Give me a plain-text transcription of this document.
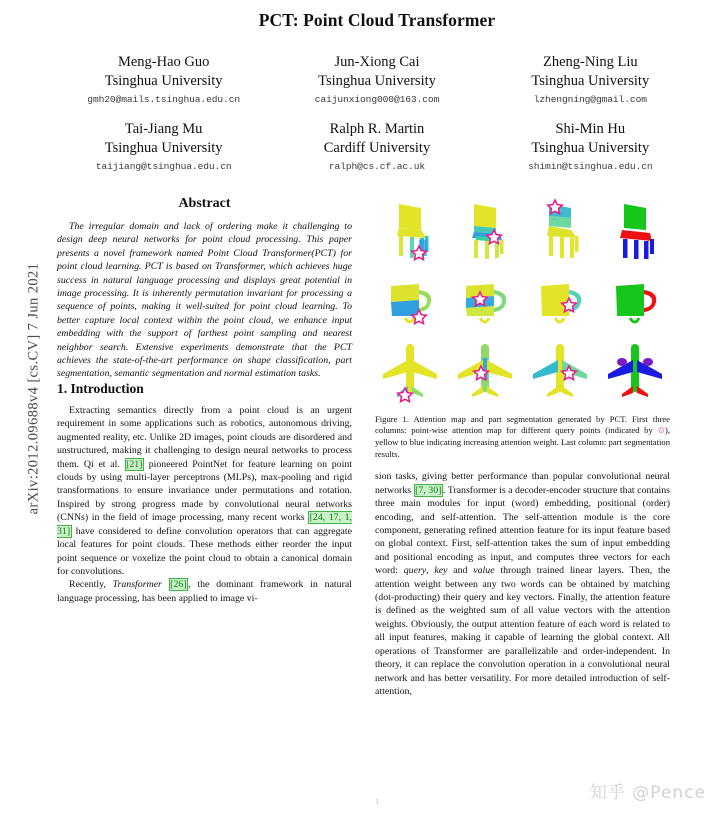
arXiv:2012.09688v4 [cs.CV] 7 Jun 2021
PCT: Point Cloud Transformer
Meng-Hao Guo
Tsinghua University
gmh20@mails.tsinghua.edu.cn
Jun-Xiong Cai
Tsinghua University
caijunxiong000@163.com
Zheng-Ning Liu
Tsinghua University
lzhengning@gmail.com
Tai-Jiang Mu
Tsinghua University
taijiang@tsinghua.edu.cn
Ralph R. Martin
Cardiff University
ralph@cs.cf.ac.uk
Shi-Min Hu
Tsinghua University
shimin@tsinghua.edu.cn
Abstract

The irregular domain and lack of ordering make it challenging to design deep neural networks for point cloud processing. This paper presents a novel framework named Point Cloud Transformer(PCT) for point cloud learning. PCT is based on Transformer, which achieves huge success in natural language processing and displays great potential in image processing. It is inherently permutation invariant for processing a sequence of points, making it well-suited for point cloud learning. To better capture local context within the point cloud, we enhance input embedding with the support of farthest point sampling and nearest neighbor search. Extensive experiments demonstrate that the PCT achieves the state-of-the-art performance on shape classification, part segmentation, semantic segmentation and normal estimation tasks.

1. Introduction

Extracting semantics directly from a point cloud is an urgent requirement in some applications such as robotics, autonomous driving, augmented reality, etc. Unlike 2D images, point clouds are disordered and unstructured, making it challenging to design neural networks to process them. Qi et al. [21] pioneered PointNet for feature learning on point clouds by using multi-layer perceptrons (MLPs), max-pooling and rigid transformations to ensure invariance under permutations and rotation. Inspired by strong progress made by convolutional neural networks (CNNs) in the field of image processing, many recent works [24, 17, 1, 31] have considered to define convolution operators that can aggregate local features for point clouds. These methods either reorder the input point sequence or voxelize the point cloud to obtain a canonical domain for convolutions.

Recently, Transformer [26] , the dominant framework in natural language processing, has been applied to image vi-

Figure 1. Attention map and part segmentation generated by PCT. First three columns: point-wise attention map for different query points (indicated by ✩), yellow to blue indicating increasing attention weight. Last column: part segmentation results.

sion tasks, giving better performance than popular convolutional neural networks [7, 30] . Transformer is a decoder-encoder structure that contains three main modules for input (word) embedding, positional (order) encoding, and self-attention. The self-attention module is the core component, generating refined attention feature for its input feature based on global context. First, self-attention takes the sum of input embedding and positional encoding as input, and computes three vectors for each word: query, key and value through trained linear layers. Then, the attention weight between any two words can be obtained by matching (dot-producting) their query and key vectors. Finally, the attention feature is defined as the weighted sum of all value vectors with the attention weights. Obviously, the output attention feature of each word is related to all input features, making it capable of learning the global context. All operations of Transformer are parallelizable and order-independent. In theory, it can replace the convolution operation in a convolutional neural network and has better versatility. For more detailed introduction of self-attention,

1	知乎 @Pence
